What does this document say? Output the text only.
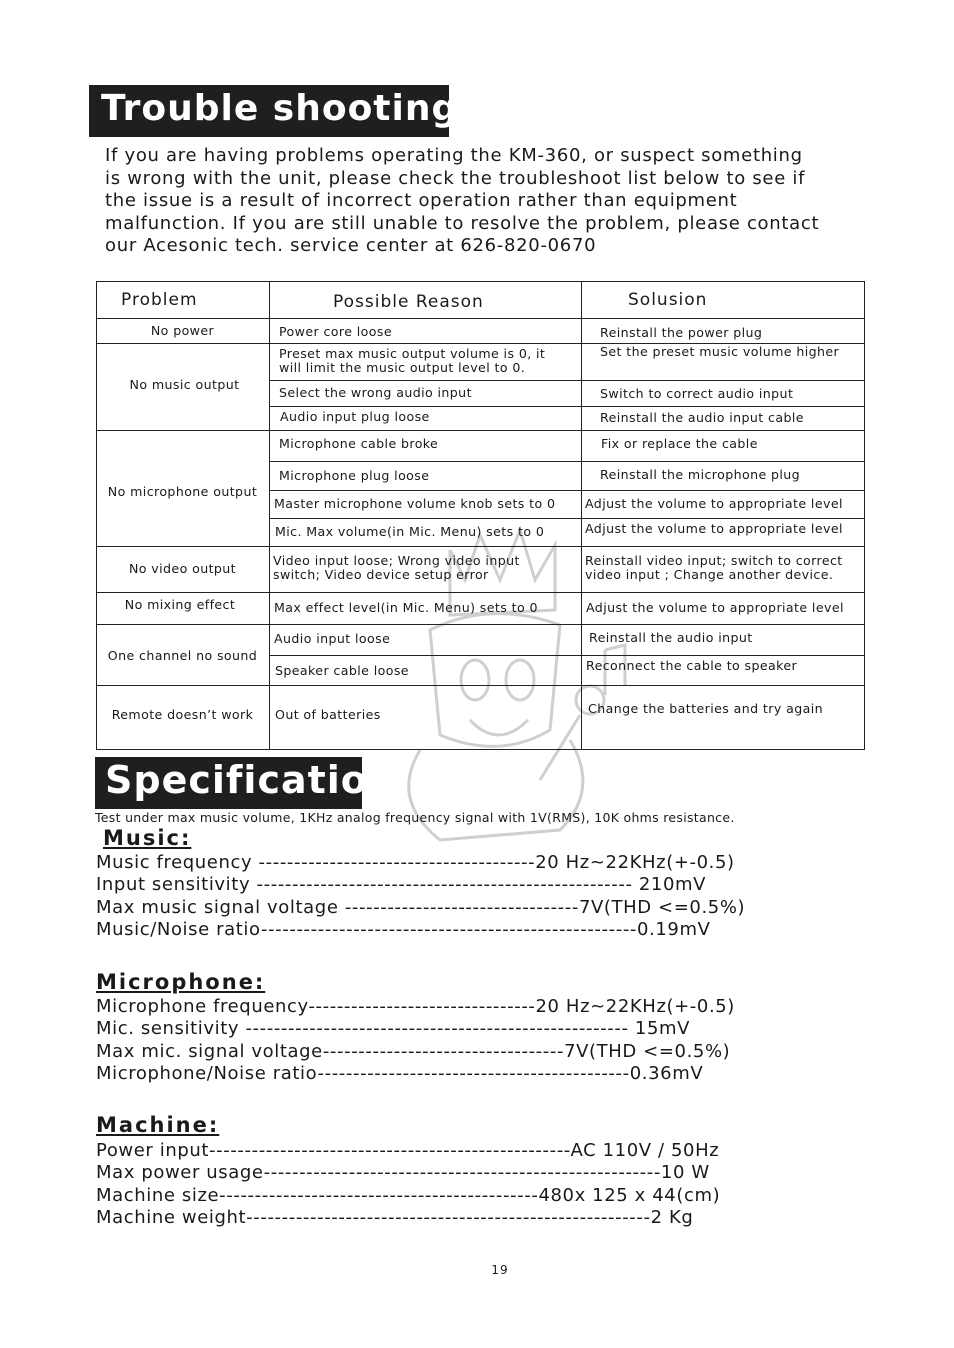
Trouble shooting
If you are having problems operating the KM-360, or suspect something
is wrong with the unit, please check the troubleshoot list below to see if
the issue is a result of incorrect operation rather than equipment
malfunction. If you are still unable to resolve the problem, please contact
our Acesonic tech. service center at 626-820-0670
Problem	Possible Reason	Solusion
No power
No music output
No microphone output
No video output
No mixing effect
One channel no sound
Remote doesn’t work
Power core loose
Preset max music output volume is 0, it
will limit the music output level to 0.
Select the wrong audio input
Audio input plug loose
Microphone cable broke
Microphone plug loose
Master microphone volume knob sets to 0
Mic. Max volume(in Mic. Menu) sets to 0
Video input loose; Wrong video input
switch; Video device setup error
Max effect level(in Mic. Menu) sets to 0
Audio input loose
Speaker cable loose
Out of batteries
Reinstall the power plug
Set the preset music volume higher
Switch to correct audio input
Reinstall the audio input cable
Fix or replace the cable
Reinstall the microphone plug
Adjust the volume to appropriate level
Adjust the volume to appropriate level
Reinstall video input; switch to correct
video input ; Change another device.
Adjust the volume to appropriate level
Reinstall the audio input
Reconnect the cable to speaker
Change the batteries and try again
Specification
Test under max music volume, 1KHz analog frequency signal with 1V(RMS), 10K ohms resistance.
Music:
Music frequency ---------------------------------------20 Hz~22KHz(+-0.5)
Input sensitivity ----------------------------------------------------- 210mV
Max music signal voltage ---------------------------------7V(THD <=0.5%)
Music/Noise ratio-----------------------------------------------------0.19mV
Microphone:
Microphone frequency--------------------------------20 Hz~22KHz(+-0.5)
Mic. sensitivity ------------------------------------------------------ 15mV
Max mic. signal voltage----------------------------------7V(THD <=0.5%)
Microphone/Noise ratio--------------------------------------------0.36mV
Machine:
Power input---------------------------------------------------AC 110V / 50Hz
Max power usage--------------------------------------------------------10 W
Machine size---------------------------------------------480x 125 x 44(cm)
Machine weight---------------------------------------------------------2 Kg
19
